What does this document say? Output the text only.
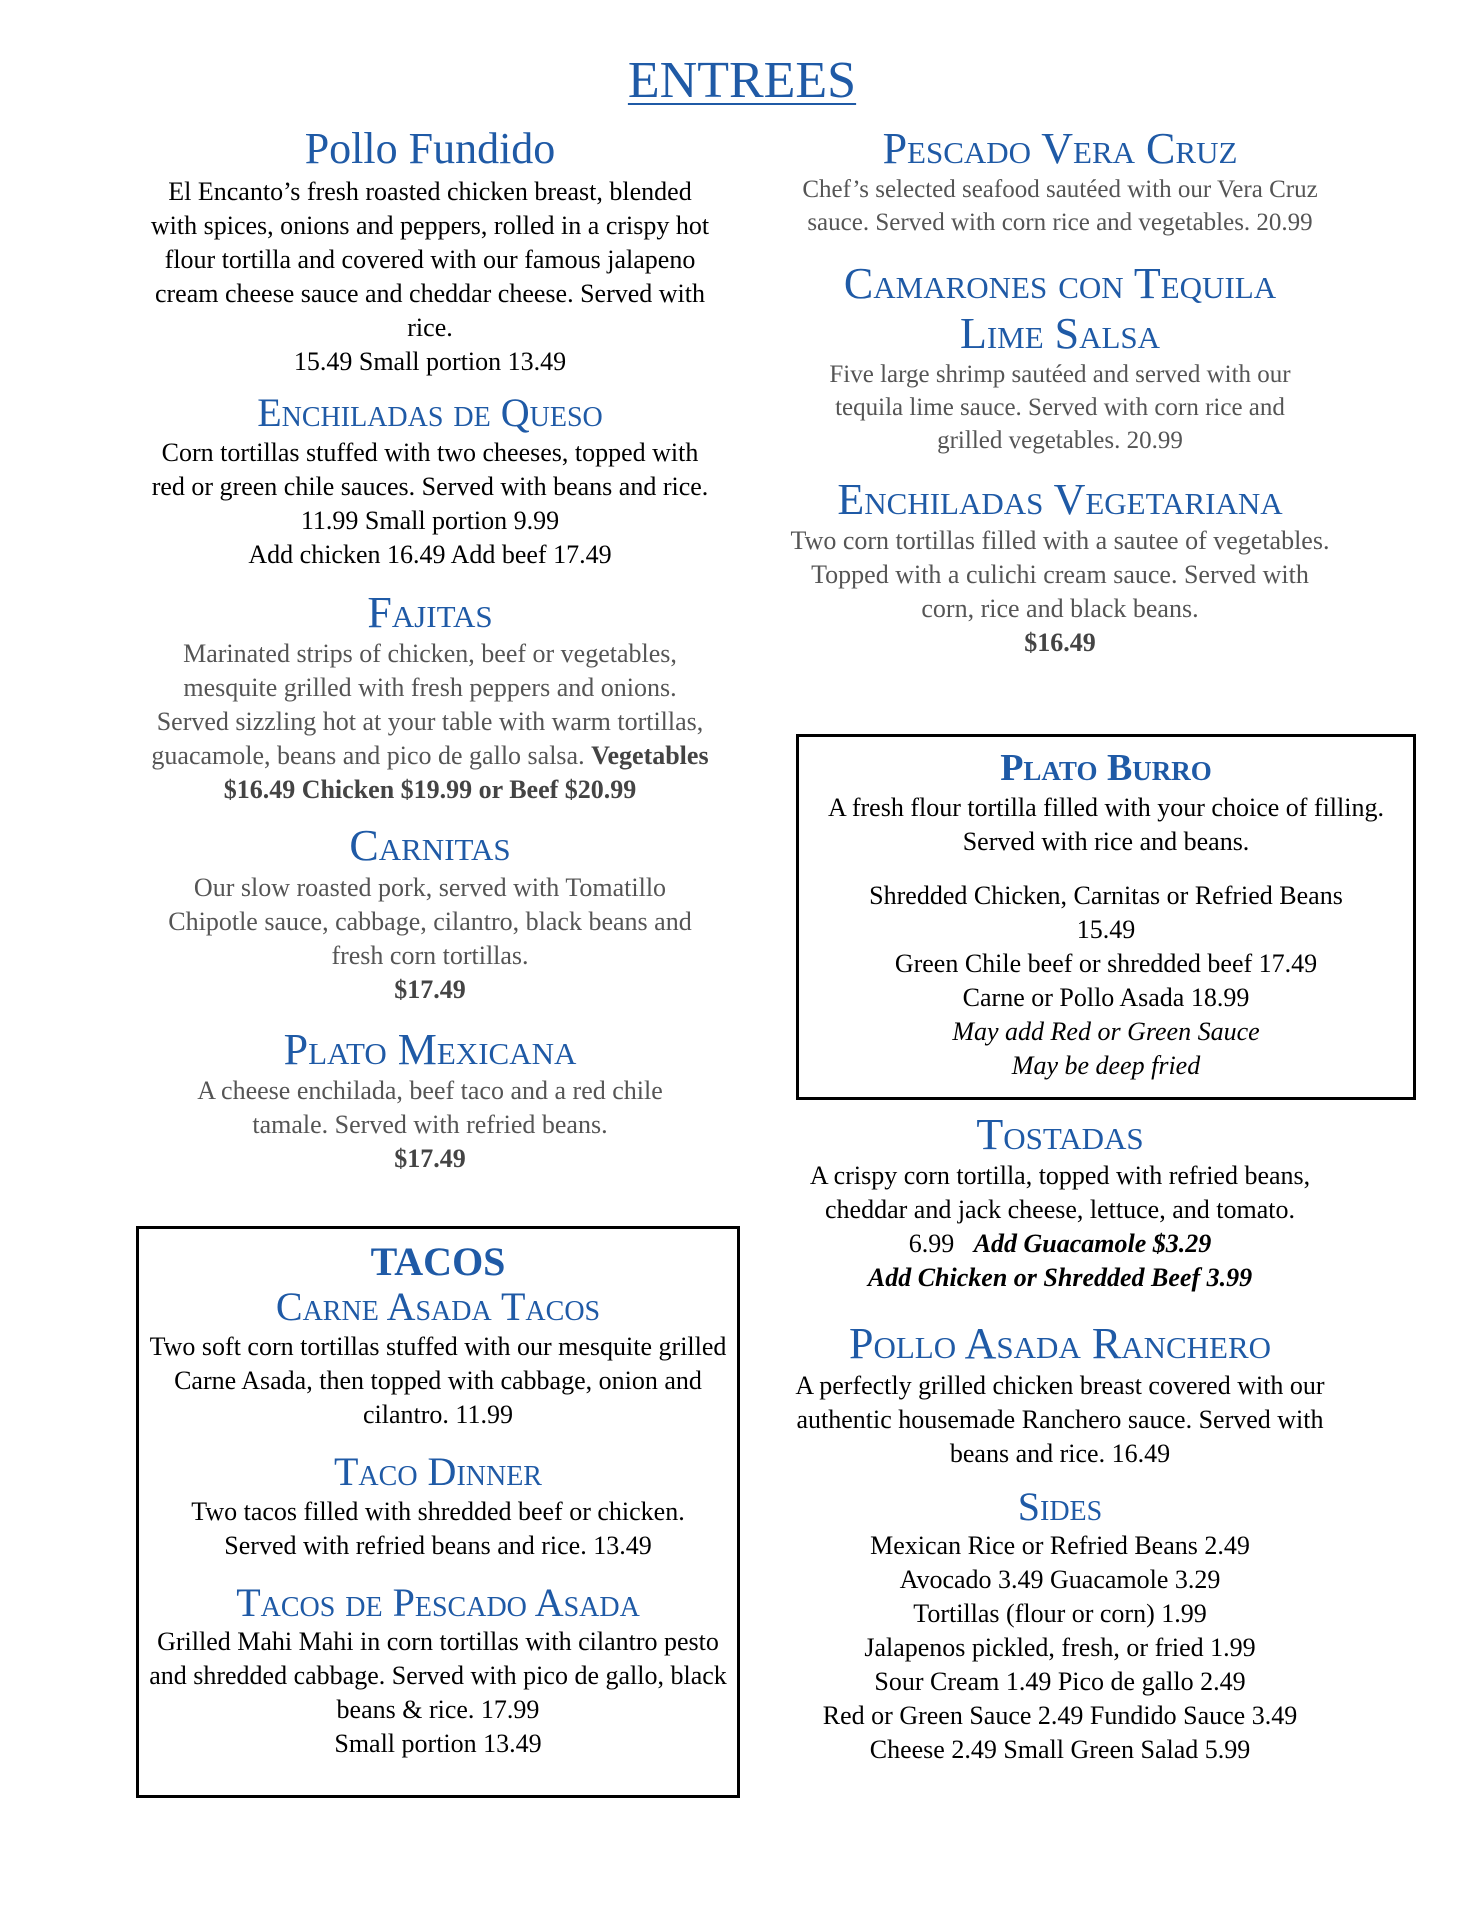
ENTREES
Pollo Fundido
El Encanto’s fresh roasted chicken breast, blended with spices, onions and peppers, rolled in a crispy hot flour tortilla and covered with our famous jalapeno cream cheese sauce and cheddar cheese. Served with rice.
15.49 Small portion 13.49
Enchiladas de Queso
Corn tortillas stuffed with two cheeses, topped with red or green chile sauces. Served with beans and rice. 11.99 Small portion 9.99
Add chicken 16.49 Add beef 17.49
Fajitas
Marinated strips of chicken, beef or vegetables, mesquite grilled with fresh peppers and onions. Served sizzling hot at your table with warm tortillas, guacamole, beans and pico de gallo salsa. Vegetables $16.49 Chicken $19.99 or Beef $20.99
Carnitas
Our slow roasted pork, served with Tomatillo Chipotle sauce, cabbage, cilantro, black beans and fresh corn tortillas.
$17.49
Plato Mexicana
A cheese enchilada, beef taco and a red chile tamale. Served with refried beans.
$17.49
TACOS
Carne Asada Tacos
Two soft corn tortillas stuffed with our mesquite grilled Carne Asada, then topped with cabbage, onion and cilantro. 11.99
Taco Dinner
Two tacos filled with shredded beef or chicken. Served with refried beans and rice. 13.49
Tacos de Pescado Asada
Grilled Mahi Mahi in corn tortillas with cilantro pesto and shredded cabbage. Served with pico de gallo, black beans & rice. 17.99
Small portion 13.49
Pescado Vera Cruz
Chef’s selected seafood sautéed with our Vera Cruz sauce. Served with corn rice and vegetables. 20.99
Camarones con Tequila
Lime Salsa
Five large shrimp sautéed and served with our tequila lime sauce. Served with corn rice and grilled vegetables. 20.99
Enchiladas Vegetariana
Two corn tortillas filled with a sautee of vegetables. Topped with a culichi cream sauce. Served with corn, rice and black beans.
$16.49
Plato Burro
A fresh flour tortilla filled with your choice of filling. Served with rice and beans.
Shredded Chicken, Carnitas or Refried Beans
15.49
Green Chile beef or shredded beef 17.49
Carne or Pollo Asada 18.99
May add Red or Green Sauce
May be deep fried
Tostadas
A crispy corn tortilla, topped with refried beans, cheddar and jack cheese, lettuce, and tomato. 6.99 Add Guacamole $3.29
Add Chicken or Shredded Beef 3.99
Pollo Asada Ranchero
A perfectly grilled chicken breast covered with our authentic housemade Ranchero sauce. Served with beans and rice. 16.49
Sides
Mexican Rice or Refried Beans 2.49
Avocado 3.49 Guacamole 3.29
Tortillas (flour or corn) 1.99
Jalapenos pickled, fresh, or fried 1.99
Sour Cream 1.49 Pico de gallo 2.49
Red or Green Sauce 2.49 Fundido Sauce 3.49
Cheese 2.49 Small Green Salad 5.99
